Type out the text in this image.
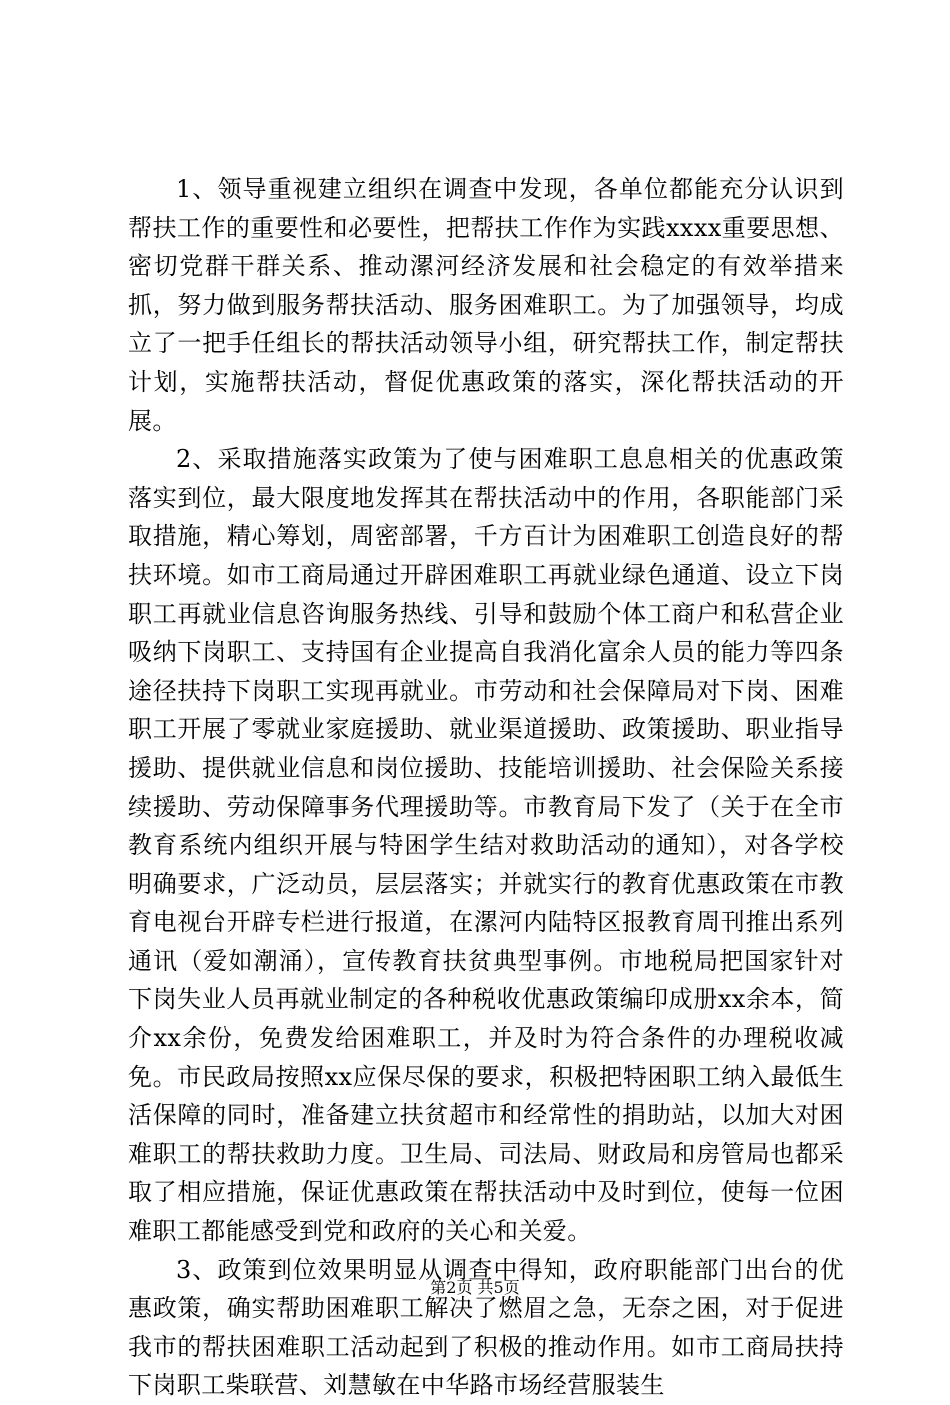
1、领导重视建立组织在调查中发现，各单位都能充分认识到帮扶工作的重要性和必要性，把帮扶工作作为实践xxxx重要思想、密切党群干群关系、推动漯河经济发展和社会稳定的有效举措来抓，努力做到服务帮扶活动、服务困难职工。为了加强领导，均成立了一把手任组长的帮扶活动领导小组，研究帮扶工作，制定帮扶计划，实施帮扶活动，督促优惠政策的落实，深化帮扶活动的开展。

2、采取措施落实政策为了使与困难职工息息相关的优惠政策落实到位，最大限度地发挥其在帮扶活动中的作用，各职能部门采取措施，精心筹划，周密部署，千方百计为困难职工创造良好的帮扶环境。如市工商局通过开辟困难职工再就业绿色通道、设立下岗职工再就业信息咨询服务热线、引导和鼓励个体工商户和私营企业吸纳下岗职工、支持国有企业提高自我消化富余人员的能力等四条途径扶持下岗职工实现再就业。市劳动和社会保障局对下岗、困难职工开展了零就业家庭援助、就业渠道援助、政策援助、职业指导援助、提供就业信息和岗位援助、技能培训援助、社会保险关系接续援助、劳动保障事务代理援助等。市教育局下发了（关于在全市教育系统内组织开展与特困学生结对救助活动的通知），对各学校明确要求，广泛动员，层层落实；并就实行的教育优惠政策在市教育电视台开辟专栏进行报道，在漯河内陆特区报教育周刊推出系列通讯（爱如潮涌），宣传教育扶贫典型事例。市地税局把国家针对下岗失业人员再就业制定的各种税收优惠政策编印成册xx余本，简介xx余份，免费发给困难职工，并及时为符合条件的办理税收减免。市民政局按照xx应保尽保的要求，积极把特困职工纳入最低生活保障的同时，准备建立扶贫超市和经常性的捐助站，以加大对困难职工的帮扶救助力度。卫生局、司法局、财政局和房管局也都采取了相应措施，保证优惠政策在帮扶活动中及时到位，使每一位困难职工都能感受到党和政府的关心和关爱。

3、政策到位效果明显从调查中得知，政府职能部门出台的优惠政策，确实帮助困难职工解决了燃眉之急，无奈之困，对于促进我市的帮扶困难职工活动起到了积极的推动作用。如市工商局扶持下岗职工柴联营、刘慧敏在中华路市场经营服装生

第2页 共5页
